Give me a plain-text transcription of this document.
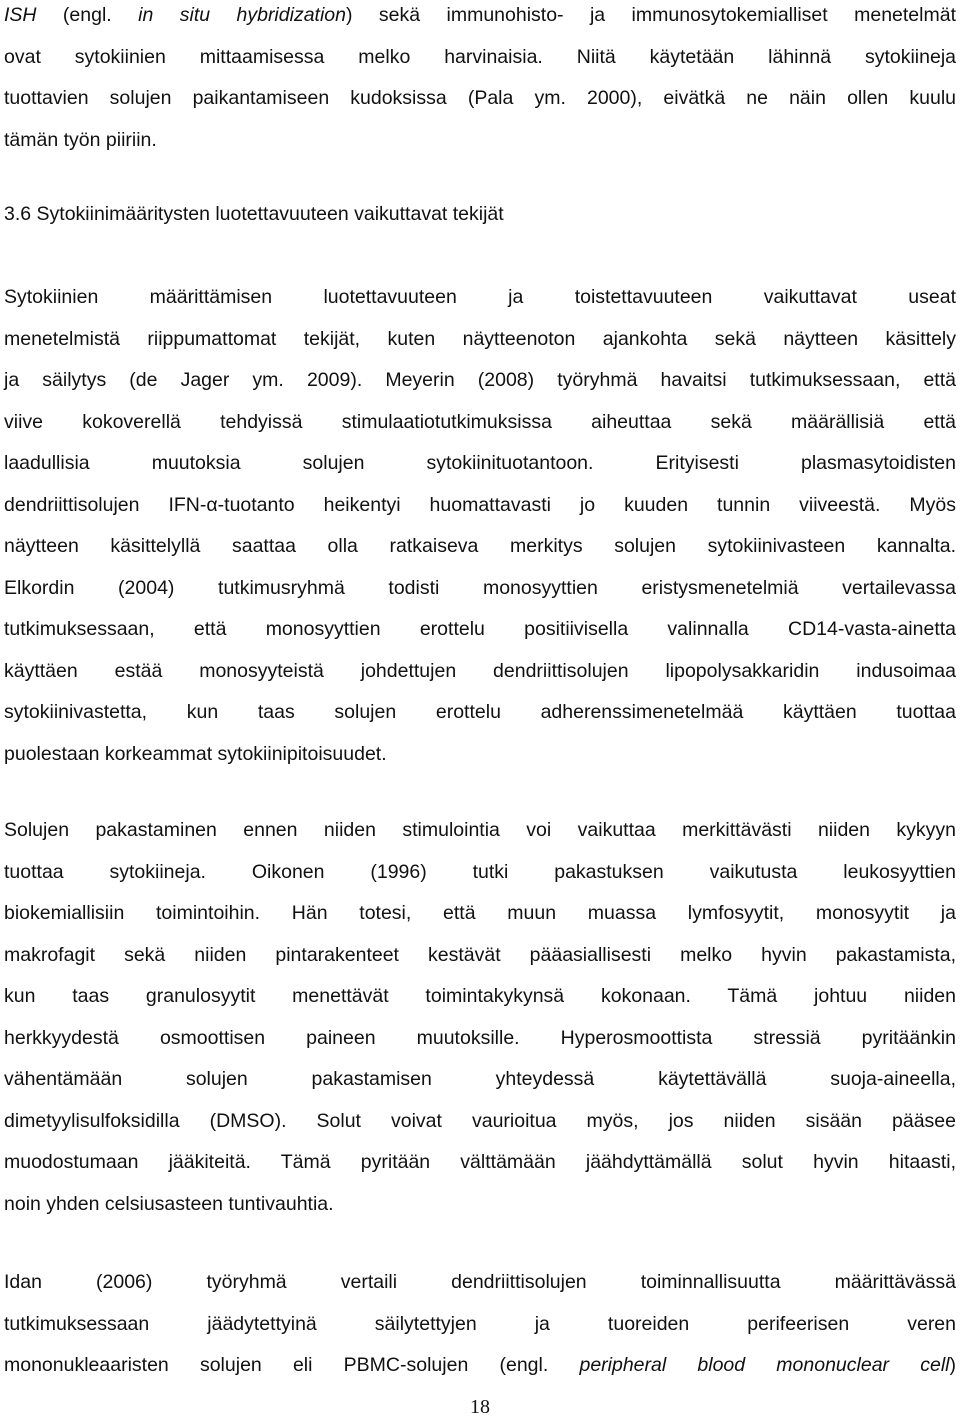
ISH (engl. in situ hybridization) sekä immunohisto- ja immunosytokemialliset menetelmät
ovat sytokiinien mittaamisessa melko harvinaisia. Niitä käytetään lähinnä sytokiineja
tuottavien solujen paikantamiseen kudoksissa (Pala ym. 2000), eivätkä ne näin ollen kuulu
tämän työn piiriin.
3.6 Sytokiinimääritysten luotettavuuteen vaikuttavat tekijät
Sytokiinien määrittämisen luotettavuuteen ja toistettavuuteen vaikuttavat useat
menetelmistä riippumattomat tekijät, kuten näytteenoton ajankohta sekä näytteen käsittely
ja säilytys (de Jager ym. 2009). Meyerin (2008) työryhmä havaitsi tutkimuksessaan, että
viive kokoverellä tehdyissä stimulaatiotutkimuksissa aiheuttaa sekä määrällisiä että
laadullisia muutoksia solujen sytokiinituotantoon. Erityisesti plasmasytoidisten
dendriittisolujen IFN-α-tuotanto heikentyi huomattavasti jo kuuden tunnin viiveestä. Myös
näytteen käsittelyllä saattaa olla ratkaiseva merkitys solujen sytokiinivasteen kannalta.
Elkordin (2004) tutkimusryhmä todisti monosyyttien eristysmenetelmiä vertailevassa
tutkimuksessaan, että monosyyttien erottelu positiivisella valinnalla CD14-vasta-ainetta
käyttäen estää monosyyteistä johdettujen dendriittisolujen lipopolysakkaridin indusoimaa
sytokiinivastetta, kun taas solujen erottelu adherenssimenetelmää käyttäen tuottaa
puolestaan korkeammat sytokiinipitoisuudet.
Solujen pakastaminen ennen niiden stimulointia voi vaikuttaa merkittävästi niiden kykyyn
tuottaa sytokiineja. Oikonen (1996) tutki pakastuksen vaikutusta leukosyyttien
biokemiallisiin toimintoihin. Hän totesi, että muun muassa lymfosyytit, monosyytit ja
makrofagit sekä niiden pintarakenteet kestävät pääasiallisesti melko hyvin pakastamista,
kun taas granulosyytit menettävät toimintakykynsä kokonaan. Tämä johtuu niiden
herkkyydestä osmoottisen paineen muutoksille. Hyperosmoottista stressiä pyritäänkin
vähentämään solujen pakastamisen yhteydessä käytettävällä suoja-aineella,
dimetyylisulfoksidilla (DMSO). Solut voivat vaurioitua myös, jos niiden sisään pääsee
muodostumaan jääkiteitä. Tämä pyritään välttämään jäähdyttämällä solut hyvin hitaasti,
noin yhden celsiusasteen tuntivauhtia.
Idan (2006) työryhmä vertaili dendriittisolujen toiminnallisuutta määrittävässä
tutkimuksessaan jäädytettyinä säilytettyjen ja tuoreiden perifeerisen veren
mononukleaaristen solujen eli PBMC-solujen (engl. peripheral blood mononuclear cell)
18
